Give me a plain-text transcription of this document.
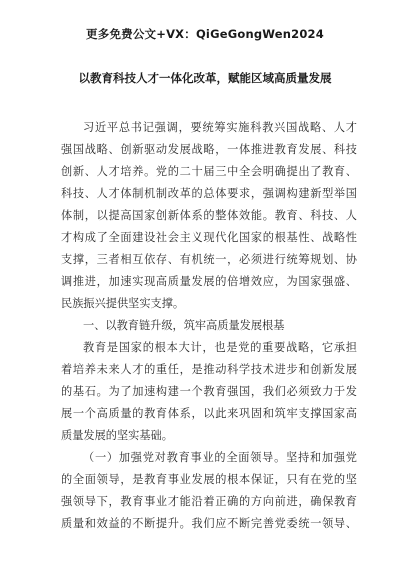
更多免费公文+VX：QiGeGongWen2024
以教育科技人才一体化改革，赋能区域高质量发展
习近平总书记强调，要统筹实施科教兴国战略、人才
强国战略、创新驱动发展战略，一体推进教育发展、科技
创新、人才培养。党的二十届三中全会明确提出了教育、
科技、人才体制机制改革的总体要求，强调构建新型举国
体制，以提高国家创新体系的整体效能。教育、科技、人
才构成了全面建设社会主义现代化国家的根基性、战略性
支撑，三者相互依存、有机统一，必须进行统筹规划、协
调推进，加速实现高质量发展的倍增效应，为国家强盛、
民族振兴提供坚实支撑。
一、以教育链升级，筑牢高质量发展根基
教育是国家的根本大计，也是党的重要战略，它承担
着培养未来人才的重任，是推动科学技术进步和创新发展
的基石。为了加速构建一个教育强国，我们必须致力于发
展一个高质量的教育体系，以此来巩固和筑牢支撑国家高
质量发展的坚实基础。
（一）加强党对教育事业的全面领导。坚持和加强党
的全面领导，是教育事业发展的根本保证，只有在党的坚
强领导下，教育事业才能沿着正确的方向前进，确保教育
质量和效益的不断提升。我们应不断完善党委统一领导、
